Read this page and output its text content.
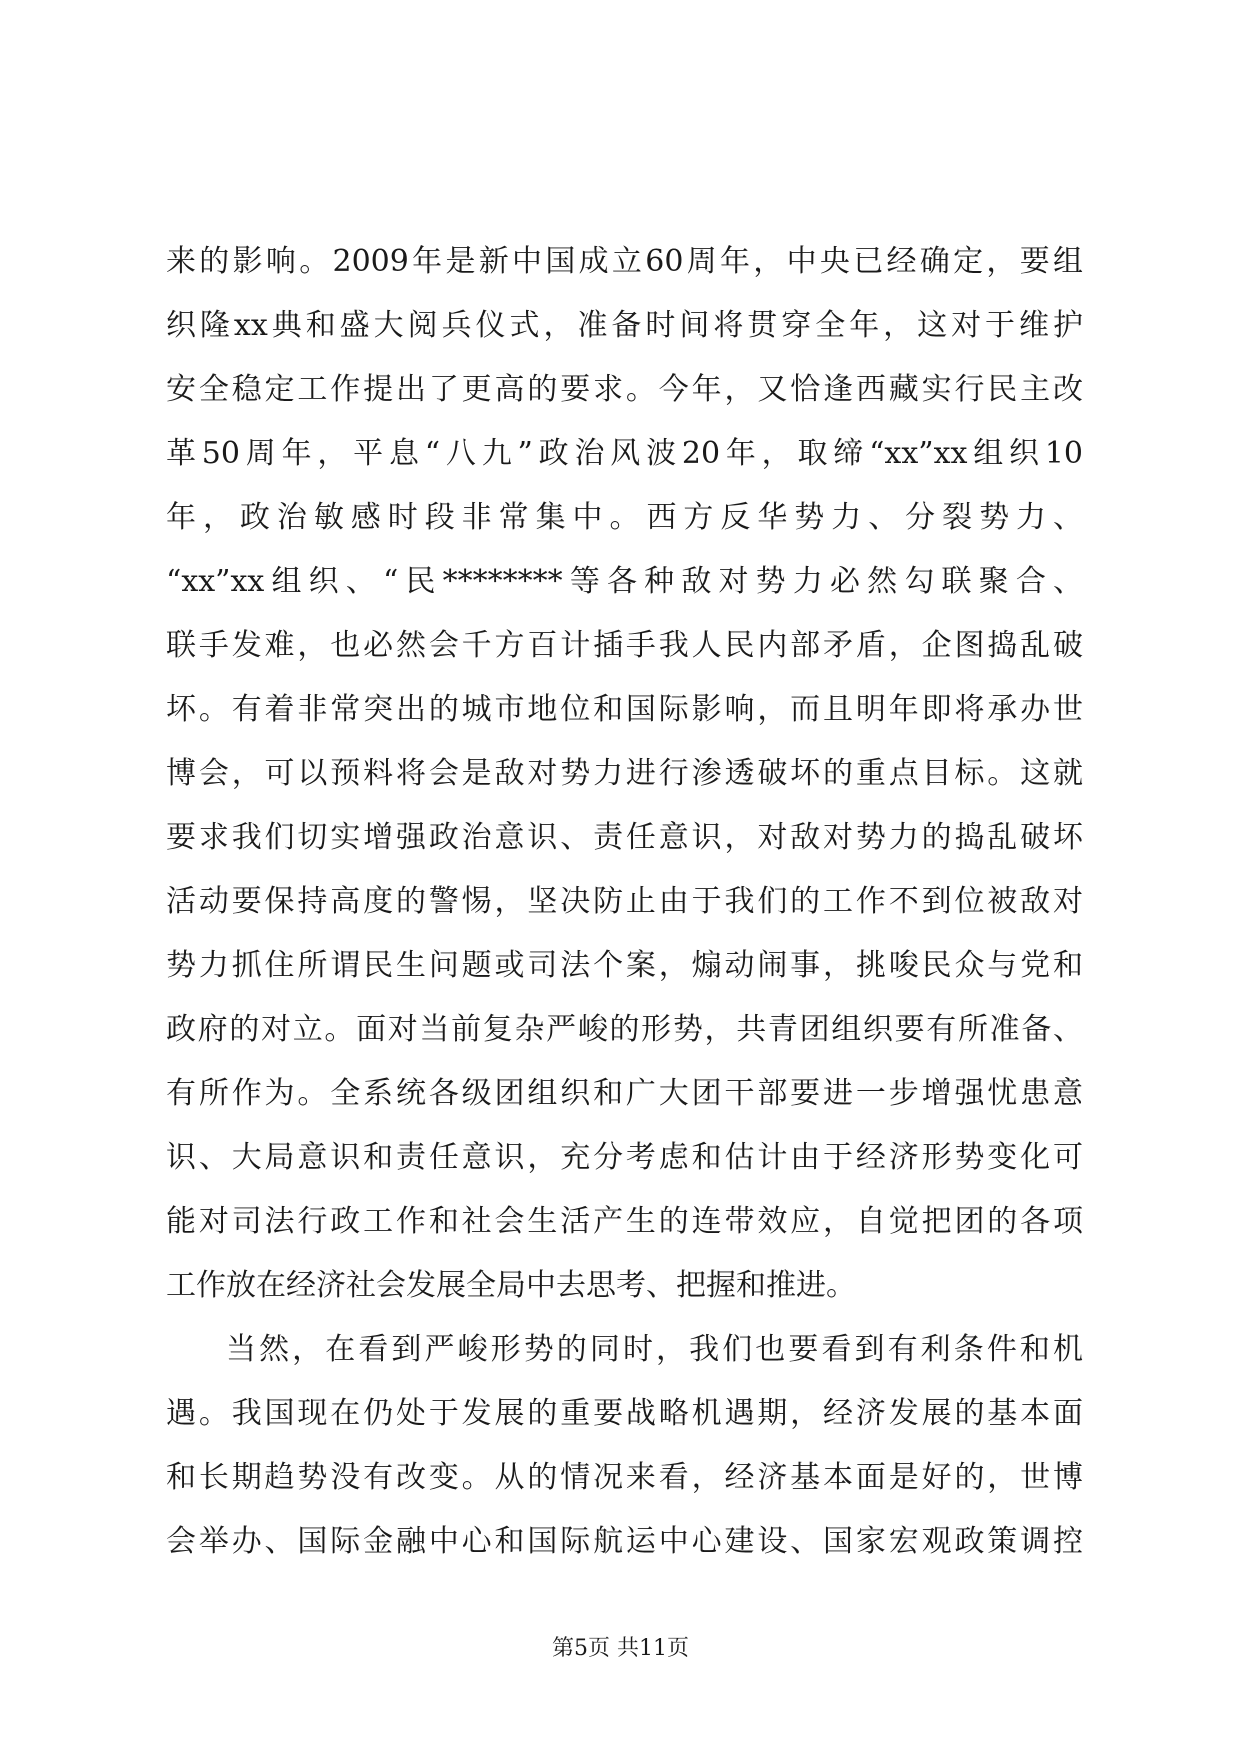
来的影响。2009年是新中国成立60周年，中央已经确定，要组
织隆xx典和盛大阅兵仪式，准备时间将贯穿全年，这对于维护
安全稳定工作提出了更高的要求。今年，又恰逢西藏实行民主改
革50周年，平息“八九”政治风波20年，取缔“xx”xx组织10
年，政治敏感时段非常集中。西方反华势力、分裂势力、
“xx”xx组织、“民********等各种敌对势力必然勾联聚合、
联手发难，也必然会千方百计插手我人民内部矛盾，企图捣乱破
坏。有着非常突出的城市地位和国际影响，而且明年即将承办世
博会，可以预料将会是敌对势力进行渗透破坏的重点目标。这就
要求我们切实增强政治意识、责任意识，对敌对势力的捣乱破坏
活动要保持高度的警惕，坚决防止由于我们的工作不到位被敌对
势力抓住所谓民生问题或司法个案，煽动闹事，挑唆民众与党和
政府的对立。面对当前复杂严峻的形势，共青团组织要有所准备、
有所作为。全系统各级团组织和广大团干部要进一步增强忧患意
识、大局意识和责任意识，充分考虑和估计由于经济形势变化可
能对司法行政工作和社会生活产生的连带效应，自觉把团的各项
工作放在经济社会发展全局中去思考、把握和推进。
当然，在看到严峻形势的同时，我们也要看到有利条件和机
遇。我国现在仍处于发展的重要战略机遇期，经济发展的基本面
和长期趋势没有改变。从的情况来看，经济基本面是好的，世博
会举办、国际金融中心和国际航运中心建设、国家宏观政策调控
第5页 共11页
